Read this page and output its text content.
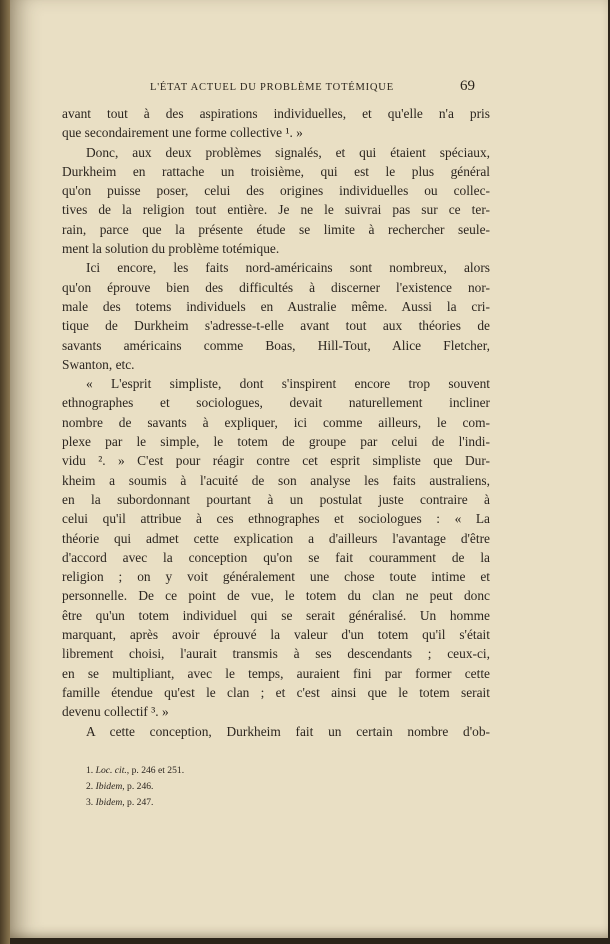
L'ÉTAT ACTUEL DU PROBLÈME TOTÉMIQUE	69
avant tout à des aspirations individuelles, et qu'elle n'a pris
que secondairement une forme collective ¹. »
Donc, aux deux problèmes signalés, et qui étaient spéciaux,
Durkheim en rattache un troisième, qui est le plus général
qu'on puisse poser, celui des origines individuelles ou collec-
tives de la religion tout entière. Je ne le suivrai pas sur ce ter-
rain, parce que la présente étude se limite à rechercher seule-
ment la solution du problème totémique.
Ici encore, les faits nord-américains sont nombreux, alors
qu'on éprouve bien des difficultés à discerner l'existence nor-
male des totems individuels en Australie même. Aussi la cri-
tique de Durkheim s'adresse-t-elle avant tout aux théories de
savants américains comme Boas, Hill-Tout, Alice Fletcher,
Swanton, etc.
« L'esprit simpliste, dont s'inspirent encore trop souvent
ethnographes et sociologues, devait naturellement incliner
nombre de savants à expliquer, ici comme ailleurs, le com-
plexe par le simple, le totem de groupe par celui de l'indi-
vidu ². » C'est pour réagir contre cet esprit simpliste que Dur-
kheim a soumis à l'acuité de son analyse les faits australiens,
en la subordonnant pourtant à un postulat juste contraire à
celui qu'il attribue à ces ethnographes et sociologues : « La
théorie qui admet cette explication a d'ailleurs l'avantage d'être
d'accord avec la conception qu'on se fait couramment de la
religion ; on y voit généralement une chose toute intime et
personnelle. De ce point de vue, le totem du clan ne peut donc
être qu'un totem individuel qui se serait généralisé. Un homme
marquant, après avoir éprouvé la valeur d'un totem qu'il s'était
librement choisi, l'aurait transmis à ses descendants ; ceux-ci,
en se multipliant, avec le temps, auraient fini par former cette
famille étendue qu'est le clan ; et c'est ainsi que le totem serait
devenu collectif ³. »
A cette conception, Durkheim fait un certain nombre d'ob-
1. Loc. cit., p. 246 et 251.
2. Ibidem, p. 246.
3. Ibidem, p. 247.
